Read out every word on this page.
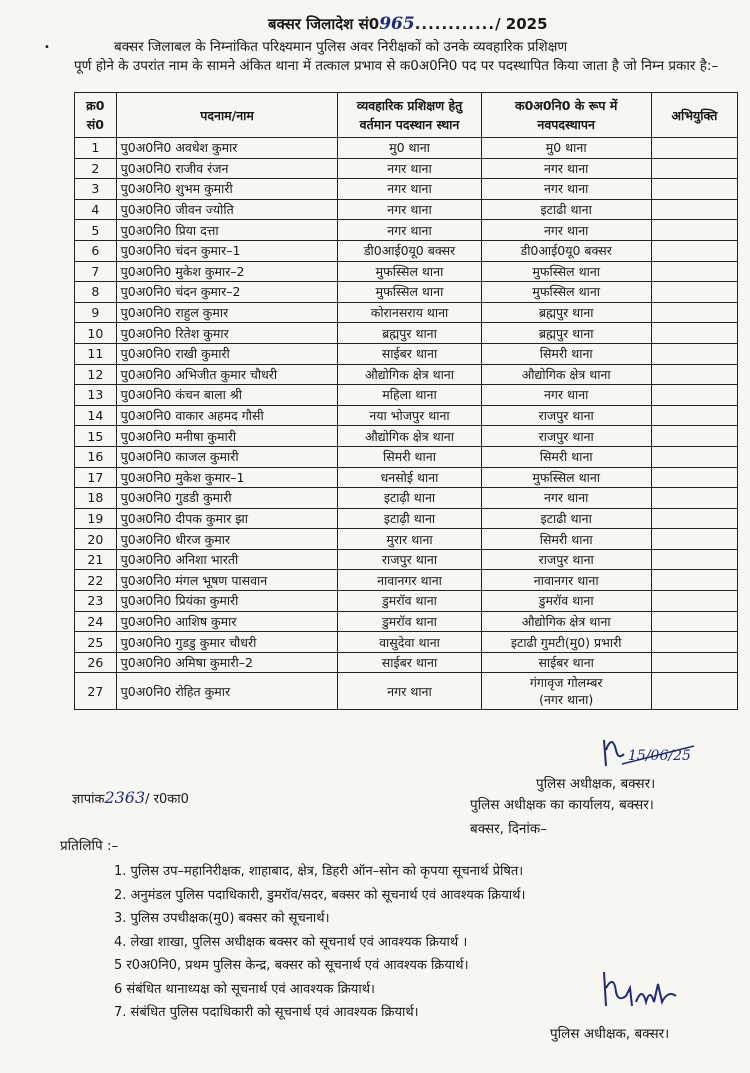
बक्सर जिलादेश सं0965............/ 2025
•	बक्सर जिलाबल के निम्नांकित परिक्ष्यमान पुलिस अवर निरीक्षकों को उनके व्यवहारिक प्रशिक्षण
पूर्ण होने के उपरांत नाम के सामने अंकित थाना में तत्काल प्रभाव से क0अ0नि0 पद पर पदस्थापित किया जाता है जो निम्न प्रकार है:–
क्र0 सं0	पदनाम/नाम	व्यवहारिक प्रशिक्षण हेतु वर्तमान पदस्थान स्थान	क0अ0नि0 के रूप में नवपदस्थापन	अभियुक्ति
1	पु0अ0नि0 अवधेश कुमार	मु0 थाना	मु0 थाना	
2	पु0अ0नि0 राजीव रंजन	नगर थाना	नगर थाना	
3	पु0अ0नि0 शुभम कुमारी	नगर थाना	नगर थाना	
4	पु0अ0नि0 जीवन ज्योति	नगर थाना	इटाढी थाना	
5	पु0अ0नि0 प्रिया दत्ता	नगर थाना	नगर थाना	
6	पु0अ0नि0 चंदन कुमार–1	डी0आई0यू0 बक्सर	डी0आई0यू0 बक्सर	
7	पु0अ0नि0 मुकेश कुमार–2	मुफस्सिल थाना	मुफस्सिल थाना	
8	पु0अ0नि0 चंदन कुमार–2	मुफस्सिल थाना	मुफस्सिल थाना	
9	पु0अ0नि0 राहुल कुमार	कोरानसराय थाना	ब्रह्मपुर थाना	
10	पु0अ0नि0 रितेश कुमार	ब्रह्मपुर थाना	ब्रह्मपुर थाना	
11	पु0अ0नि0 राखी कुमारी	साईबर थाना	सिमरी थाना	
12	पु0अ0नि0 अभिजीत कुमार चौधरी	औद्योगिक क्षेत्र थाना	औद्योगिक क्षेत्र थाना	
13	पु0अ0नि0 कंचन बाला श्री	महिला थाना	नगर थाना	
14	पु0अ0नि0 वाकार अहमद गौसी	नया भोजपुर थाना	राजपुर थाना	
15	पु0अ0नि0 मनीषा कुमारी	औद्योगिक क्षेत्र थाना	राजपुर थाना	
16	पु0अ0नि0 काजल कुमारी	सिमरी थाना	सिमरी थाना	
17	पु0अ0नि0 मुकेश कुमार–1	धनसोई थाना	मुफस्सिल थाना	
18	पु0अ0नि0 गुडडी कुमारी	इटाढ़ी थाना	नगर थाना	
19	पु0अ0नि0 दीपक कुमार झा	इटाढ़ी थाना	इटाढी थाना	
20	पु0अ0नि0 धीरज कुमार	मुरार थाना	सिमरी थाना	
21	पु0अ0नि0 अनिशा भारती	राजपुर थाना	राजपुर थाना	
22	पु0अ0नि0 मंगल भूषण पासवान	नावानगर थाना	नावानगर थाना	
23	पु0अ0नि0 प्रियंका कुमारी	डुमरॉव थाना	डुमरॉव थाना	
24	पु0अ0नि0 आशिष कुमार	डुमरॉव थाना	औद्योगिक क्षेत्र थाना	
25	पु0अ0नि0 गुडडु कुमार चौधरी	वासुदेवा थाना	इटाढी गुमटी(मु0) प्रभारी	
26	पु0अ0नि0 अमिषा कुमारी–2	साईबर थाना	साईबर थाना	
27	पु0अ0नि0 रोहित कुमार	नगर थाना	गंगावृज गोलम्बर
(नगर थाना)	

15/06/25
पुलिस अधीक्षक, बक्सर।
पुलिस अधीक्षक का कार्यालय, बक्सर।
बक्सर, दिनांक–
ज्ञापांक2363/ र0का0
प्रतिलिपि :–
1. पुलिस उप–महानिरीक्षक, शाहाबाद, क्षेत्र, डिहरी ऑन–सोन को कृपया सूचनार्थ प्रेषित।
2. अनुमंडल पुलिस पदाधिकारी, डुमरॉव/सदर, बक्सर को सूचनार्थ एवं आवश्यक क्रियार्थ।
3. पुलिस उपधीक्षक(मु0) बक्सर को सूचनार्थ।
4. लेखा शाखा, पुलिस अधीक्षक बक्सर को सूचनार्थ एवं आवश्यक क्रियार्थ ।
5 र0अ0नि0, प्रथम पुलिस केन्द्र, बक्सर को सूचनार्थ एवं आवश्यक क्रियार्थ।
6 संबंधित थानाध्यक्ष को सूचनार्थ एवं आवश्यक क्रियार्थ।
7. संबंधित पुलिस पदाधिकारी को सूचनार्थ एवं आवश्यक क्रियार्थ।
पुलिस अधीक्षक, बक्सर।
